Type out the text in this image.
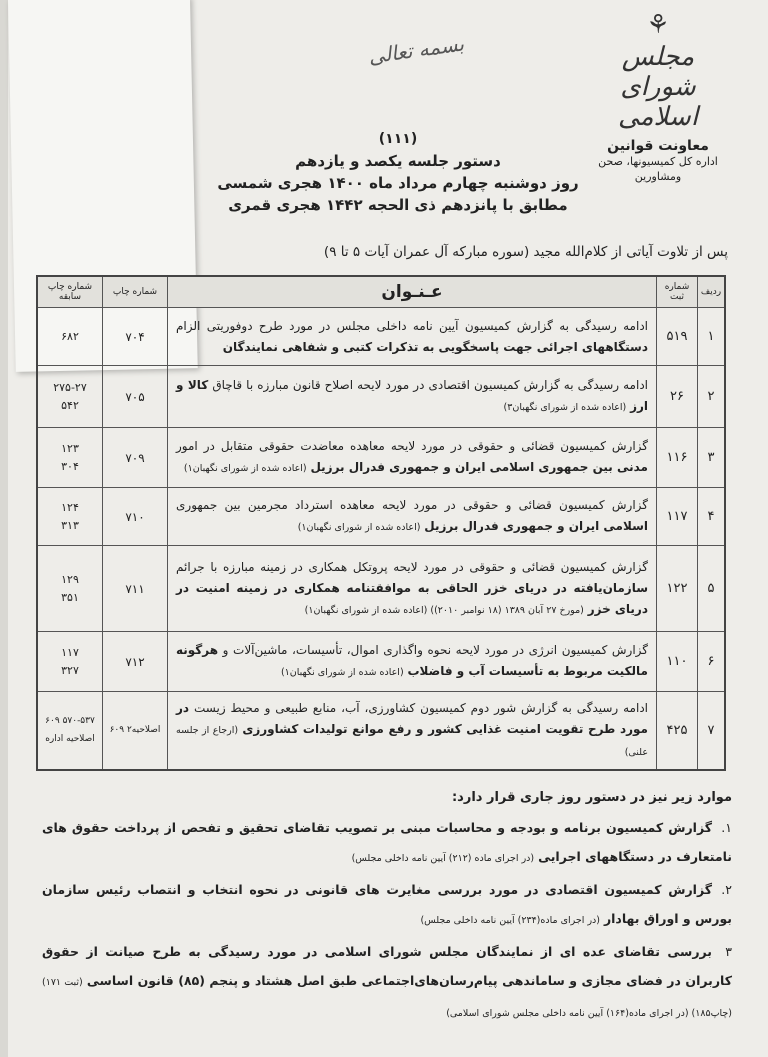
بسمه تعالی
⚘
مجلس شورای اسلامی
معاونت قوانین
اداره کل کمیسیونها، صحن
ومشاورین
(۱۱۱)
دستور جلسه یکصد و یازدهم
روز دوشنبه چهارم مرداد ماه ۱۴۰۰ هجری شمسی
مطابق با پانزدهم ذی الحجه ۱۴۴۲ هجری قمری
پس از تلاوت آیاتی از کلام‌الله مجید (سوره مبارکه آل عمران آیات ۵ تا ۹)
ردیف	شماره ثبت	عـنـوان	شماره چاپ	شماره چاپ سابقه
۱	۵۱۹	ادامه رسیدگی به گزارش کمیسیون آیین نامه داخلی مجلس در مورد طرح دوفوریتی الزام دستگاههای اجرائی جهت پاسخگویی به تذکرات کتبی و شفاهی نمایندگان	۷۰۴	۶۸۲

۲	۲۶	ادامه رسیدگی به گزارش کمیسیون اقتصادی در مورد لایحه اصلاح قانون مبارزه با قاچاق کالا و ارز (اعاده شده از شورای نگهبان۳)	۷۰۵	۲۷۵-۲۷
۵۴۲

۳	۱۱۶	گزارش کمیسیون قضائی و حقوقی در مورد لایحه معاهده معاضدت حقوقی متقابل در امور مدنی بین جمهوری اسلامی ایران و جمهوری فدرال برزیل (اعاده شده از شورای نگهبان۱)	۷۰۹	۱۲۳
۳۰۴

۴	۱۱۷	گزارش کمیسیون قضائی و حقوقی در مورد لایحه معاهده استرداد مجرمین بین جمهوری اسلامی ایران و جمهوری فدرال برزیل (اعاده شده از شورای نگهبان۱)	۷۱۰	۱۲۴
۳۱۳

۵	۱۲۲	گزارش کمیسیون قضائی و حقوقی در مورد لایحه پروتکل همکاری در زمینه مبارزه با جرائم سازمان‌یافته در دریای خزر الحاقی به موافقتنامه همکاری در زمینه امنیت در دریای خزر (مورخ ۲۷ آبان ۱۳۸۹ (۱۸ نوامبر ۲۰۱۰)) (اعاده شده از شورای نگهبان۱)	۷۱۱	۱۲۹
۳۵۱

۶	۱۱۰	گزارش کمیسیون انرژی در مورد لایحه نحوه واگذاری اموال، تأسیسات، ماشین‌آلات و هرگونه مالکیت مربوط به تأسیسات آب و فاضلاب (اعاده شده از شورای نگهبان۱)	۷۱۲	۱۱۷
۳۲۷

۷	۴۲۵	ادامه رسیدگی به گزارش شور دوم کمیسیون کشاورزی، آب، منابع طبیعی و محیط زیست در مورد طرح تقویت امنیت غذایی کشور و رفع موانع تولیدات کشاورزی (ارجاع از جلسه علنی)	اصلاحیه۲ ۶۰۹	۵۷۰-۵۳۷ ۶۰۹
اصلاحیه اداره
موارد زیر نیز در دستور روز جاری قرار دارد:
۱.گزارش کمیسیون برنامه و بودجه و محاسبات مبنی بر تصویب تقاضای تحقیق و تفحص از پرداخت حقوق های نامتعارف در دستگاههای اجرایی (در اجرای ماده (۲۱۲) آیین نامه داخلی مجلس)
۲.گزارش کمیسیون اقتصادی در مورد بررسی مغایرت های قانونی در نحوه انتخاب و انتصاب رئیس سازمان بورس و اوراق بهادار (در اجرای ماده(۲۳۴) آیین نامه داخلی مجلس)
۳بررسی تقاضای عده ای از نمایندگان مجلس شورای اسلامی در مورد رسیدگی به طرح صیانت از حقوق کاربران در فضای مجازی و ساماندهی پیام‌رسان‌های‌اجتماعی طبق اصل هشتاد و پنجم (۸۵) قانون اساسی (ثبت ۱۷۱) (چاپ۱۸۵) (در اجرای ماده(۱۶۴) آیین نامه داخلی مجلس شورای اسلامی)
